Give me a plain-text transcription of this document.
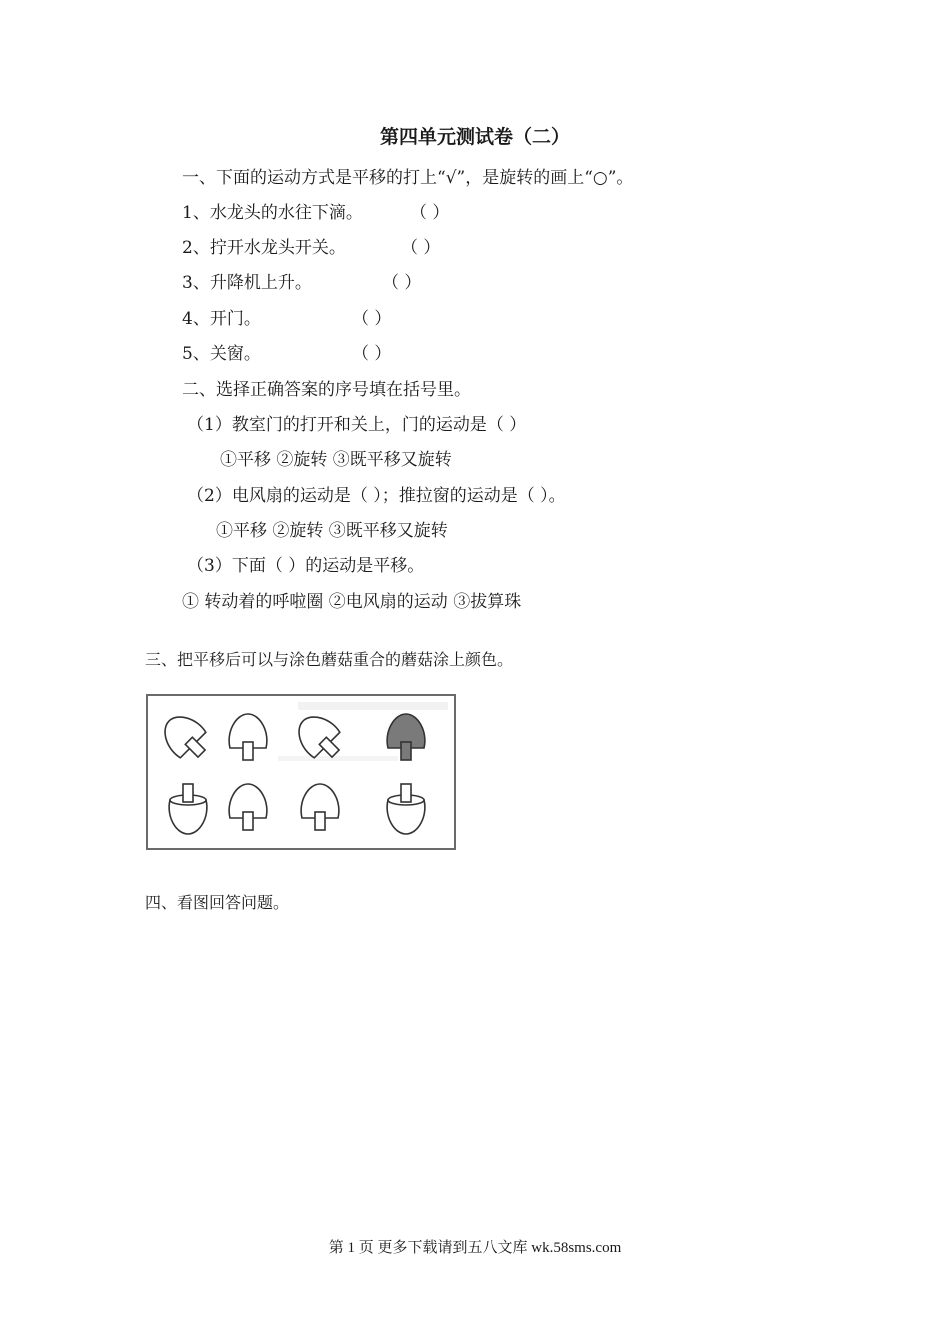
第四单元测试卷（二）
一、下面的运动方式是平移的打上“√”，是旋转的画上“○”。
1、水龙头的水往下滴。	（ ）
2、拧开水龙头开关。	（ ）
3、升降机上升。	（ ）
4、开门。	（ ）
5、关窗。	（ ）
二、选择正确答案的序号填在括号里。
（1）教室门的打开和关上，门的运动是（ ）
①平移 ②旋转 ③既平移又旋转
（2）电风扇的运动是（ ）；推拉窗的运动是（ ）。
①平移 ②旋转 ③既平移又旋转
（3）下面（ ）的运动是平移。
① 转动着的呼啦圈 ②电风扇的运动 ③拔算珠
三、把平移后可以与涂色蘑菇重合的蘑菇涂上颜色。
四、看图回答问题。
第 1 页 更多下载请到五八文库 wk.58sms.com
